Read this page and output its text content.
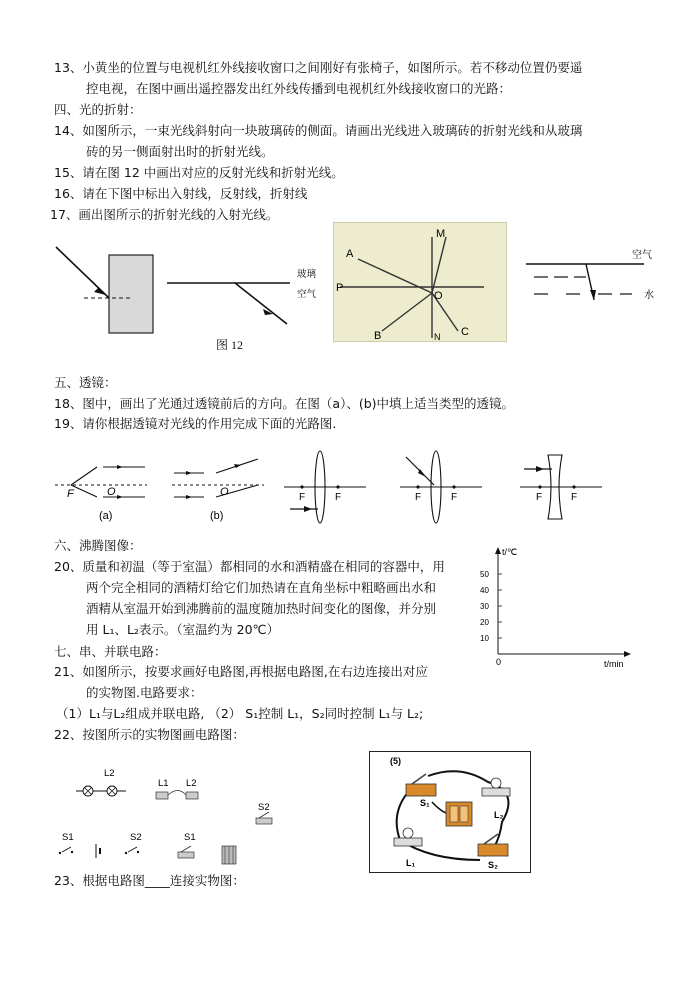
13、小黄坐的位置与电视机红外线接收窗口之间刚好有张椅子，如图所示。若不移动位置仍要遥
控电视，在图中画出遥控器发出红外线传播到电视机红外线接收窗口的光路：
四、光的折射：
14、如图所示，一束光线斜射向一块玻璃砖的侧面。请画出光线进入玻璃砖的折射光线和从玻璃
砖的另一侧面射出时的折射光线。
15、请在图 12 中画出对应的反射光线和折射光线。
16、请在下图中标出入射线，反射线，折射线
17、画出图所示的折射光线的入射光线。
玻璃
空气
图 12
A
M
P
O
B	N C
空气
水
五、透镜：
18、图中，画出了光通过透镜前后的方向。在图（a）、(b)中填上适当类型的透镜。
19、请你根据透镜对光线的作用完成下面的光路图.
F	O
(a)
O
(b)
F	F	F	F	F	F
六、沸腾图像：
20、质量和初温（等于室温）都相同的水和酒精盛在相同的容器中，用
两个完全相同的酒精灯给它们加热请在直角坐标中粗略画出水和
酒精从室温开始到沸腾前的温度随加热时间变化的图像，并分别
用 L₁、L₂表示。（室温约为 20℃）
t/℃
t/min
0
50
40
30
20
10
七、串、并联电路：
21、如图所示，按要求画好电路图,再根据电路图,在右边连接出对应
的实物图.电路要求：
（1）L₁与L₂组成并联电路, （2） S₁控制 L₁，S₂同时控制 L₁与 L₂;
22、按图所示的实物图画电路图：
L2
L1 L2
S2
S1	S2	S1
(5)
S₁
L₂
L₁	S₂
23、根据电路图____连接实物图：
